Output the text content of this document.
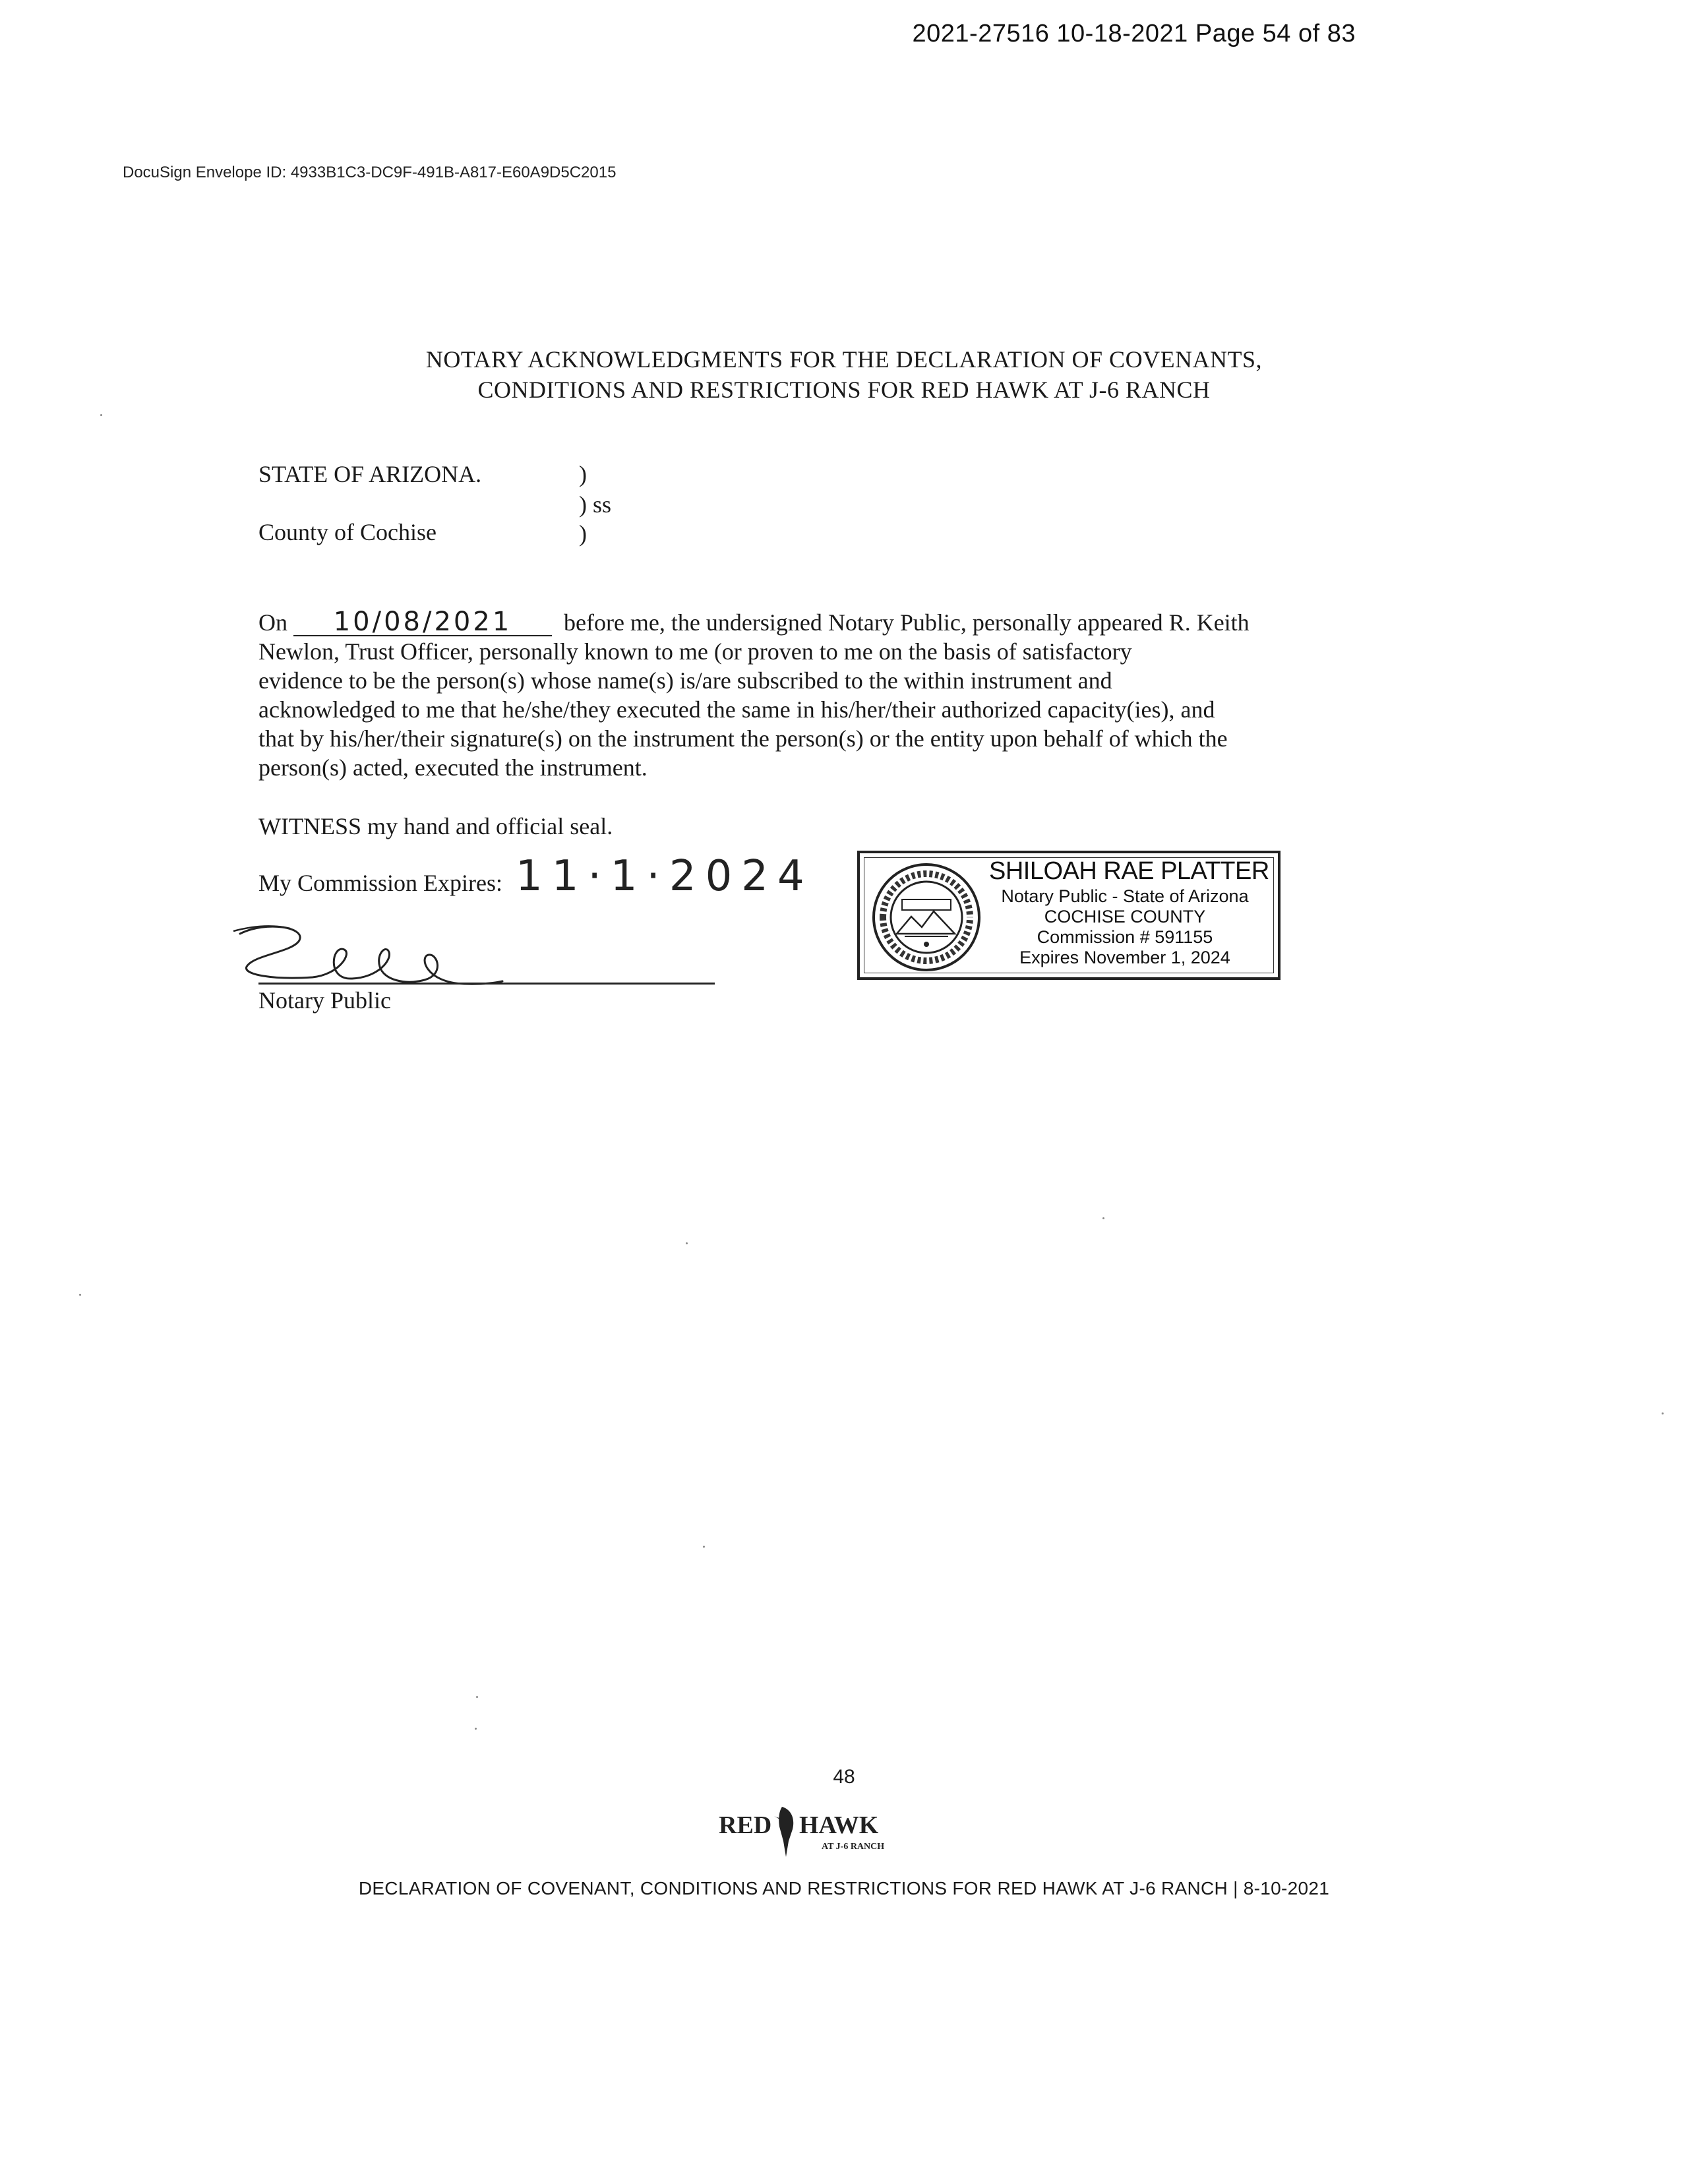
2021-27516 10-18-2021 Page 54 of 83
DocuSign Envelope ID: 4933B1C3-DC9F-491B-A817-E60A9D5C2015
NOTARY ACKNOWLEDGMENTS FOR THE DECLARATION OF COVENANTS,
CONDITIONS AND RESTRICTIONS FOR RED HAWK AT J-6 RANCH
STATE OF ARIZONA.
County of Cochise
)
) ss
)
On 10/08/2021 before me, the undersigned Notary Public, personally appeared R. Keith
Newlon, Trust Officer, personally known to me (or proven to me on the basis of satisfactory
evidence to be the person(s) whose name(s) is/are subscribed to the within instrument and
acknowledged to me that he/she/they executed the same in his/her/their authorized capacity(ies), and
that by his/her/their signature(s) on the instrument the person(s) or the entity upon behalf of which the
person(s) acted, executed the instrument.
WITNESS my hand and official seal.
My Commission Expires: 11·1·2024
Notary Public
SHILOAH RAE PLATTER
Notary Public - State of Arizona
COCHISE COUNTY
Commission # 591155
Expires November 1, 2024
48
RED HAWK
AT J-6 RANCH
DECLARATION OF COVENANT, CONDITIONS AND RESTRICTIONS FOR RED HAWK AT J-6 RANCH | 8-10-2021
